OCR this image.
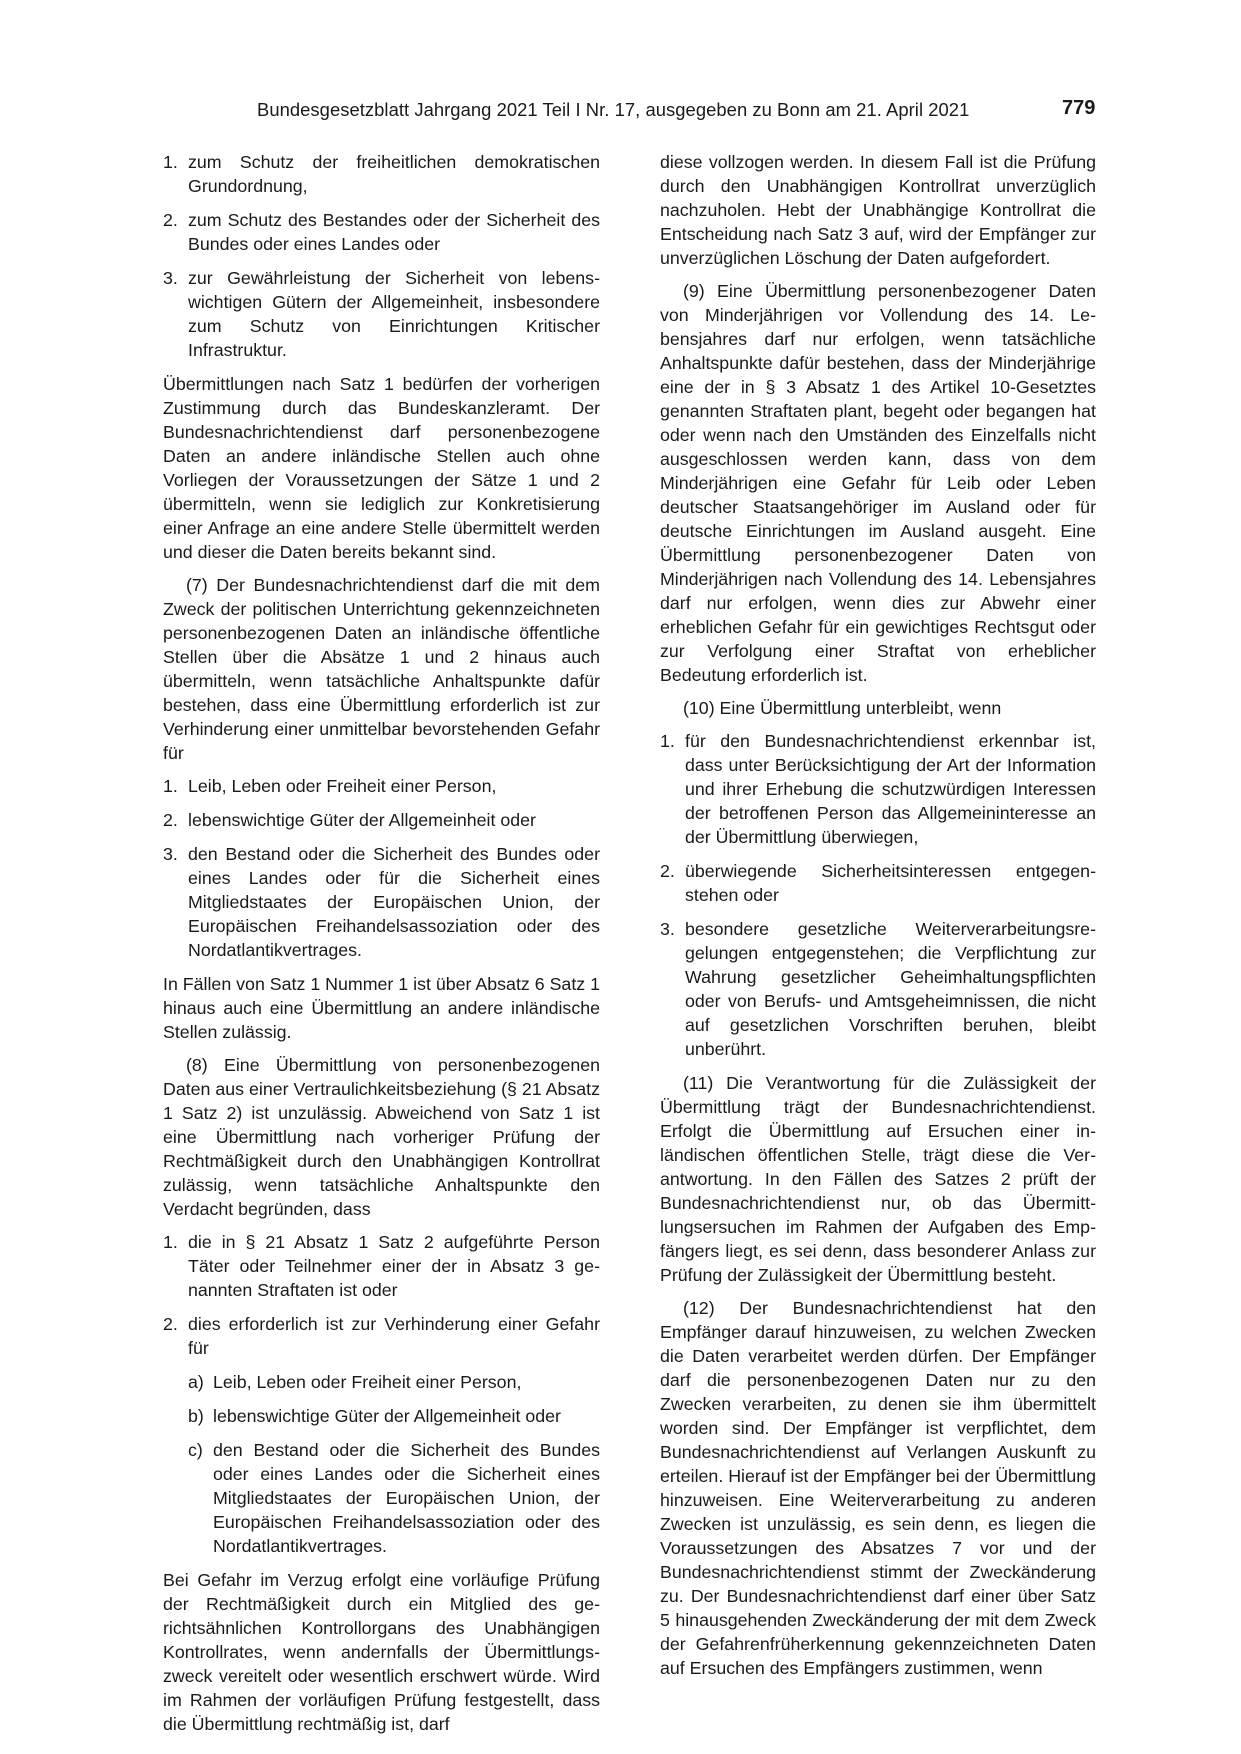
Bundesgesetzblatt Jahrgang 2021 Teil I Nr. 17, ausgegeben zu Bonn am 21. April 2021	779
1. zum Schutz der freiheitlichen demokratischen Grundordnung,
2. zum Schutz des Bestandes oder der Sicherheit des Bundes oder eines Landes oder
3. zur Gewährleistung der Sicherheit von lebenswichtigen Gütern der Allgemeinheit, insbesondere zum Schutz von Einrichtungen Kritischer Infrastruktur.

Übermittlungen nach Satz 1 bedürfen der vorherigen Zustimmung durch das Bundeskanzleramt. Der Bundesnachrichtendienst darf personenbezogene Daten an andere inländische Stellen auch ohne Vorliegen der Voraussetzungen der Sätze 1 und 2 übermitteln, wenn sie lediglich zur Konkretisierung einer Anfrage an eine andere Stelle übermittelt werden und dieser die Daten bereits bekannt sind.

(7) Der Bundesnachrichtendienst darf die mit dem Zweck der politischen Unterrichtung gekennzeichneten personenbezogenen Daten an inländische öffentliche Stellen über die Absätze 1 und 2 hinaus auch übermitteln, wenn tatsächliche Anhaltspunkte dafür bestehen, dass eine Übermittlung erforderlich ist zur Verhinderung einer unmittelbar bevorstehenden Gefahr für

1. Leib, Leben oder Freiheit einer Person,
2. lebenswichtige Güter der Allgemeinheit oder
3. den Bestand oder die Sicherheit des Bundes oder eines Landes oder für die Sicherheit eines Mitgliedstaates der Europäischen Union, der Europäischen Freihandelsassoziation oder des Nordatlantikvertrages.

In Fällen von Satz 1 Nummer 1 ist über Absatz 6 Satz 1 hinaus auch eine Übermittlung an andere inländische Stellen zulässig.

(8) Eine Übermittlung von personenbezogenen Daten aus einer Vertraulichkeitsbeziehung (§ 21 Absatz 1 Satz 2) ist unzulässig. Abweichend von Satz 1 ist eine Übermittlung nach vorheriger Prüfung der Rechtmäßigkeit durch den Unabhängigen Kontrollrat zulässig, wenn tatsächliche Anhaltspunkte den Verdacht begründen, dass

1. die in § 21 Absatz 1 Satz 2 aufgeführte Person Täter oder Teilnehmer einer der in Absatz 3 genannten Straftaten ist oder
2. dies erforderlich ist zur Verhinderung einer Gefahr für
a) Leib, Leben oder Freiheit einer Person,
b) lebenswichtige Güter der Allgemeinheit oder
c) den Bestand oder die Sicherheit des Bundes oder eines Landes oder die Sicherheit eines Mitgliedstaates der Europäischen Union, der Europäischen Freihandelsassoziation oder des Nordatlantikvertrages.

Bei Gefahr im Verzug erfolgt eine vorläufige Prüfung der Rechtmäßigkeit durch ein Mitglied des gerichtsähnlichen Kontrollorgans des Unabhängigen Kontrollrates, wenn andernfalls der Übermittlungszweck vereitelt oder wesentlich erschwert würde. Wird im Rahmen der vorläufigen Prüfung festgestellt, dass die Übermittlung rechtmäßig ist, darf

diese vollzogen werden. In diesem Fall ist die Prüfung durch den Unabhängigen Kontrollrat unverzüglich nachzuholen. Hebt der Unabhängige Kontrollrat die Entscheidung nach Satz 3 auf, wird der Empfänger zur unverzüglichen Löschung der Daten aufgefordert.

(9) Eine Übermittlung personenbezogener Daten von Minderjährigen vor Vollendung des 14. Lebensjahres darf nur erfolgen, wenn tatsächliche Anhaltspunkte dafür bestehen, dass der Minderjährige eine der in § 3 Absatz 1 des Artikel 10-Gesetztes genannten Straftaten plant, begeht oder begangen hat oder wenn nach den Umständen des Einzelfalls nicht ausgeschlossen werden kann, dass von dem Minderjährigen eine Gefahr für Leib oder Leben deutscher Staatsangehöriger im Ausland oder für deutsche Einrichtungen im Ausland ausgeht. Eine Übermittlung personenbezogener Daten von Minderjährigen nach Vollendung des 14. Lebensjahres darf nur erfolgen, wenn dies zur Abwehr einer erheblichen Gefahr für ein gewichtiges Rechtsgut oder zur Verfolgung einer Straftat von erheblicher Bedeutung erforderlich ist.

(10) Eine Übermittlung unterbleibt, wenn

1. für den Bundesnachrichtendienst erkennbar ist, dass unter Berücksichtigung der Art der Information und ihrer Erhebung die schutzwürdigen Interessen der betroffenen Person das Allgemeininteresse an der Übermittlung überwiegen,
2. überwiegende Sicherheitsinteressen entgegenstehen oder
3. besondere gesetzliche Weiterverarbeitungsregelungen entgegenstehen; die Verpflichtung zur Wahrung gesetzlicher Geheimhaltungspflichten oder von Berufs- und Amtsgeheimnissen, die nicht auf gesetzlichen Vorschriften beruhen, bleibt unberührt.

(11) Die Verantwortung für die Zulässigkeit der Übermittlung trägt der Bundesnachrichtendienst. Erfolgt die Übermittlung auf Ersuchen einer inländischen öffentlichen Stelle, trägt diese die Verantwortung. In den Fällen des Satzes 2 prüft der Bundesnachrichtendienst nur, ob das Übermittlungsersuchen im Rahmen der Aufgaben des Empfängers liegt, es sei denn, dass besonderer Anlass zur Prüfung der Zulässigkeit der Übermittlung besteht.

(12) Der Bundesnachrichtendienst hat den Empfänger darauf hinzuweisen, zu welchen Zwecken die Daten verarbeitet werden dürfen. Der Empfänger darf die personenbezogenen Daten nur zu den Zwecken verarbeiten, zu denen sie ihm übermittelt worden sind. Der Empfänger ist verpflichtet, dem Bundesnachrichtendienst auf Verlangen Auskunft zu erteilen. Hierauf ist der Empfänger bei der Übermittlung hinzuweisen. Eine Weiterverarbeitung zu anderen Zwecken ist unzulässig, es sein denn, es liegen die Voraussetzungen des Absatzes 7 vor und der Bundesnachrichtendienst stimmt der Zweckänderung zu. Der Bundesnachrichtendienst darf einer über Satz 5 hinausgehenden Zweckänderung der mit dem Zweck der Gefahrenfrüherkennung gekennzeichneten Daten auf Ersuchen des Empfängers zustimmen, wenn
